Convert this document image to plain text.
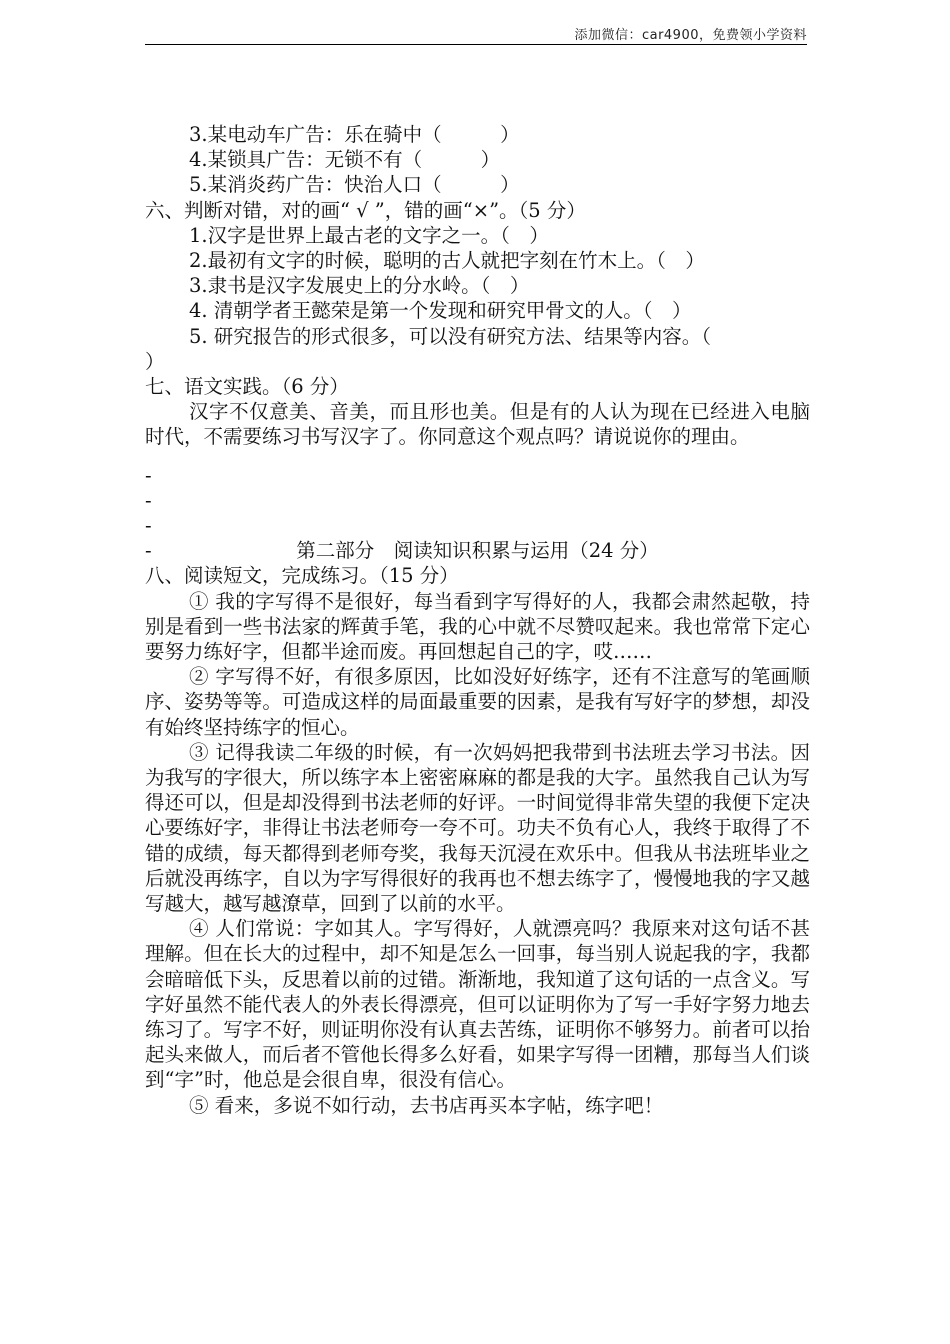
添加微信：car4900，免费领小学资料
3.某电动车广告：乐在骑中（　　　）
4.某锁具广告：无锁不有（　　　）
5.某消炎药广告：快治人口（　　　）
六、判断对错，对的画“ √ ”，错的画“×”。（5 分）
1.汉字是世界上最古老的文字之一。（　）
2.最初有文字的时候，聪明的古人就把字刻在竹木上。（　）
3.隶书是汉字发展史上的分水岭。（　）
4. 清朝学者王懿荣是第一个发现和研究甲骨文的人。（　）
5. 研究报告的形式很多，可以没有研究方法、结果等内容。（
）
七、语文实践。（6 分）
汉字不仅意美、音美，而且形也美。但是有的人认为现在已经进入电脑时代，不需要练习书写汉字了。你同意这个观点吗？请说说你的理由。
-
-
-
-	第二部分　阅读知识积累与运用（24 分）
八、阅读短文，完成练习。（15 分）
① 我的字写得不是很好，每当看到字写得好的人，我都会肃然起敬，持别是看到一些书法家的辉黄手笔，我的心中就不尽赞叹起来。我也常常下定心要努力练好字，但都半途而废。再回想起自己的字，哎……
② 字写得不好，有很多原因，比如没好好练字，还有不注意写的笔画顺序、姿势等等。可造成这样的局面最重要的因素，是我有写好字的梦想，却没有始终坚持练字的恒心。
③ 记得我读二年级的时候，有一次妈妈把我带到书法班去学习书法。因为我写的字很大，所以练字本上密密麻麻的都是我的大字。虽然我自己认为写得还可以，但是却没得到书法老师的好评。一时间觉得非常失望的我便下定决心要练好字，非得让书法老师夸一夸不可。功夫不负有心人，我终于取得了不错的成绩，每天都得到老师夸奖，我每天沉浸在欢乐中。但我从书法班毕业之后就没再练字，自以为字写得很好的我再也不想去练字了，慢慢地我的字又越写越大，越写越潦草，回到了以前的水平。
④ 人们常说：字如其人。字写得好，人就漂亮吗？我原来对这句话不甚理解。但在长大的过程中，却不知是怎么一回事，每当别人说起我的字，我都会暗暗低下头，反思着以前的过错。渐渐地，我知道了这句话的一点含义。写字好虽然不能代表人的外表长得漂亮，但可以证明你为了写一手好字努力地去练习了。写字不好，则证明你没有认真去苦练，证明你不够努力。前者可以抬起头来做人，而后者不管他长得多么好看，如果字写得一团糟，那每当人们谈到“字”时，他总是会很自卑，很没有信心。
⑤ 看来，多说不如行动，去书店再买本字帖，练字吧！
